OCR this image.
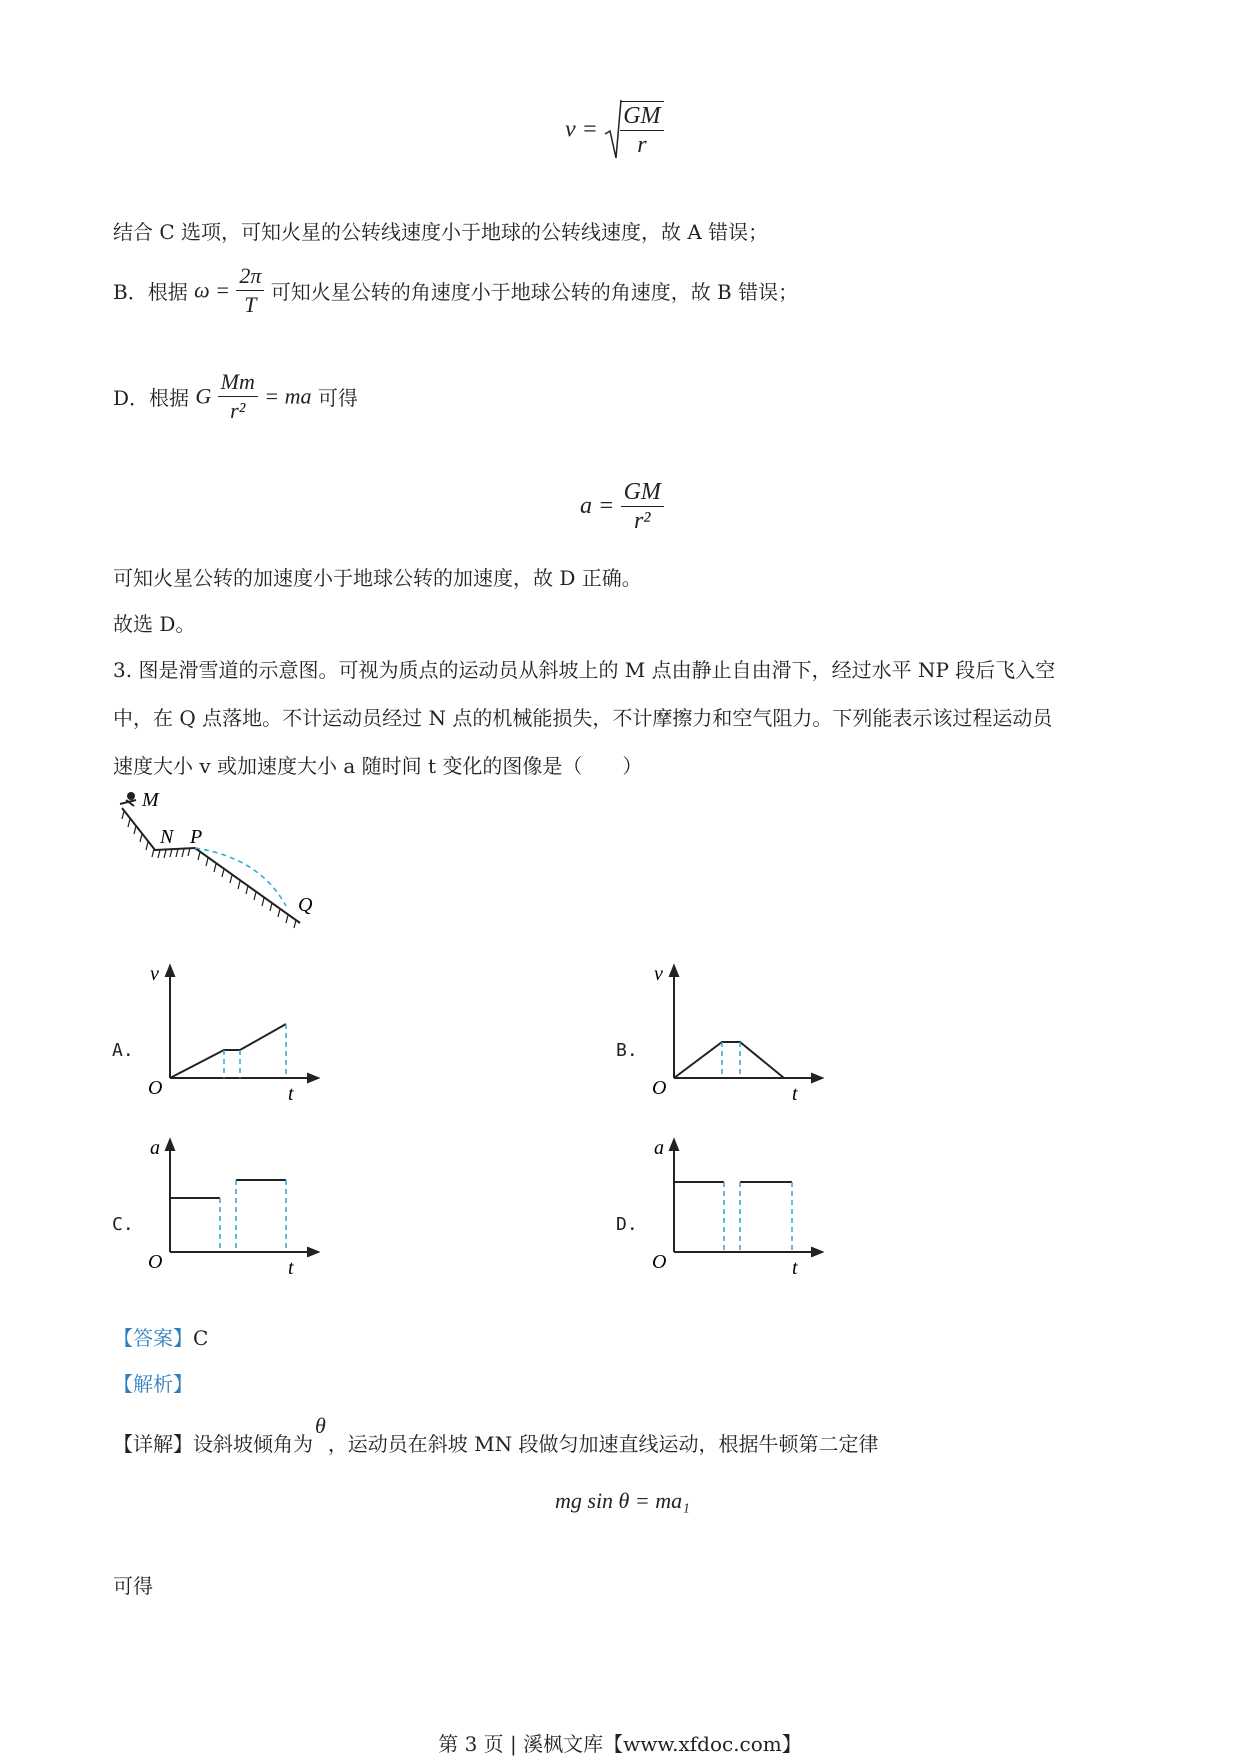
$v = \frac{GM}{r}$
结合 C 选项，可知火星的公转线速度小于地球的公转线速度，故 A 错误；
B．根据 $\omega = \frac{2\pi}{T}$ 可知火星公转的角速度小于地球公转的角速度，故 B 错误；
D．根据 G $\frac{Mm}{\text{r²}}$ = ma 可得
$a = \frac{GM}{\text{r²}}$
可知火星公转的加速度小于地球公转的加速度，故 D 正确。
故选 D。
3. 图是滑雪道的示意图。可视为质点的运动员从斜坡上的 M 点由静止自由滑下，经过水平 NP 段后飞入空
中，在 Q 点落地。不计运动员经过 N 点的机械能损失，不计摩擦力和空气阻力。下列能表示该过程运动员
速度大小 v 或加速度大小 a 随时间 t 变化的图像是（　　）
M
N P
Q
A.
v
O	t
B.
v
O	t
C.
a
O	t
D.
a
O	t
【答案】C
【解析】
【详解】设斜坡倾角为θ，运动员在斜坡 MN 段做匀加速直线运动，根据牛顿第二定律
mg sin θ = ma₁
可得
第 3 页 | 溪枫文库【www.xfdoc.com】
